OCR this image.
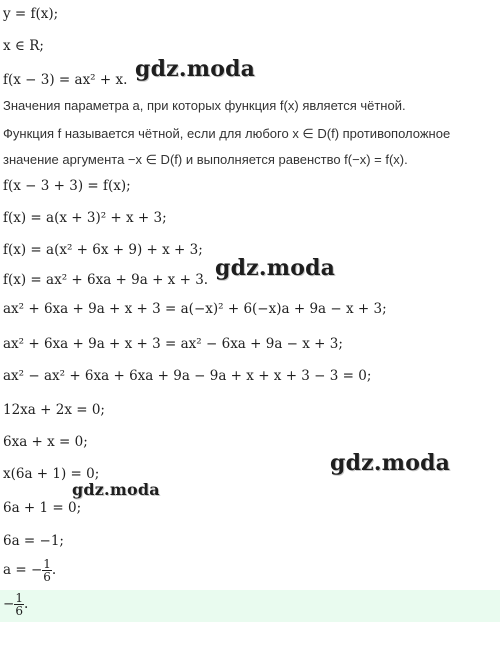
y = f(x);
x ∈ R;
f(x − 3) = ax² + x.
Значения параметра a, при которых функция f(x) является чётной.
Функция f называется чётной, если для любого x ∈ D(f) противоположное
значение аргумента −x ∈ D(f) и выполняется равенство f(−x) = f(x).
f(x − 3 + 3) = f(x);
f(x) = a(x + 3)² + x + 3;
f(x) = a(x² + 6x + 9) + x + 3;
f(x) = ax² + 6xa + 9a + x + 3.
ax² + 6xa + 9a + x + 3 = a(−x)² + 6(−x)a + 9a − x + 3;
ax² + 6xa + 9a + x + 3 = ax² − 6xa + 9a − x + 3;
ax² − ax² + 6xa + 6xa + 9a − 9a + x + x + 3 − 3 = 0;
12xa + 2x = 0;
6xa + x = 0;
x(6a + 1) = 0;
6a + 1 = 0;
6a = −1;
a = − $\frac{1}{6}$ .
− $\frac{1}{6}$ .
gdz.moda
gdz.moda
gdz.moda
gdz.moda
